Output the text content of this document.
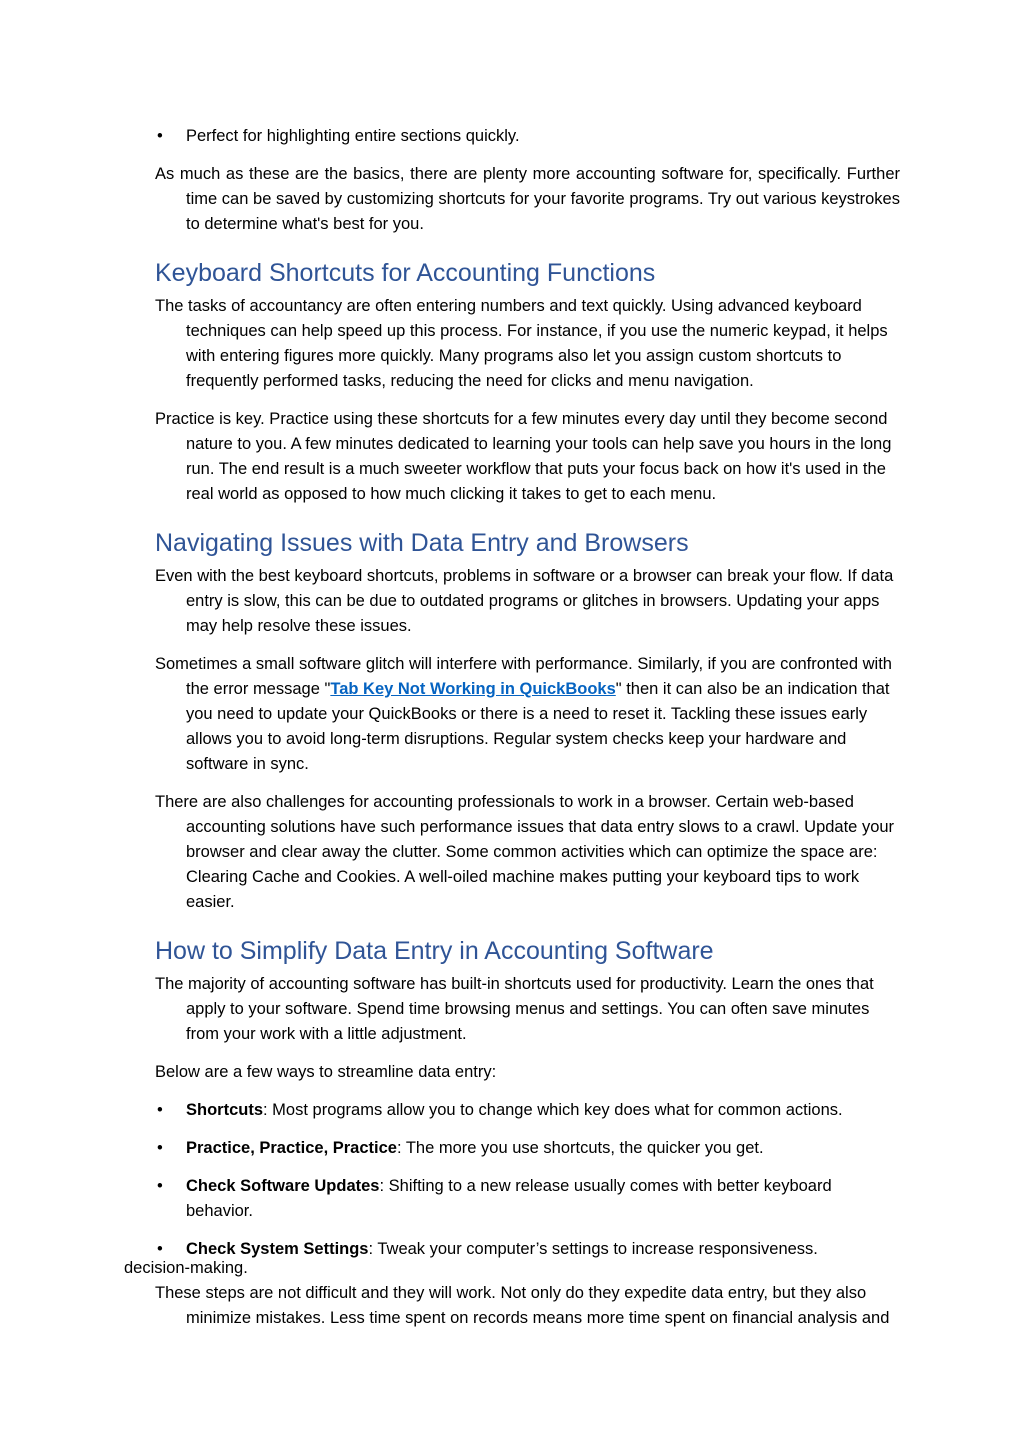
•	Perfect for highlighting entire sections quickly.

As much as these are the basics, there are plenty more accounting software for, specifically. Further time can be saved by customizing shortcuts for your favorite programs. Try out various keystrokes to determine what's best for you.

Keyboard Shortcuts for Accounting Functions

The tasks of accountancy are often entering numbers and text quickly. Using advanced keyboard techniques can help speed up this process. For instance, if you use the numeric keypad, it helps with entering figures more quickly. Many programs also let you assign custom shortcuts to frequently performed tasks, reducing the need for clicks and menu navigation.

Practice is key. Practice using these shortcuts for a few minutes every day until they become second nature to you. A few minutes dedicated to learning your tools can help save you hours in the long run. The end result is a much sweeter workflow that puts your focus back on how it's used in the real world as opposed to how much clicking it takes to get to each menu.

Navigating Issues with Data Entry and Browsers

Even with the best keyboard shortcuts, problems in software or a browser can break your flow. If data entry is slow, this can be due to outdated programs or glitches in browsers. Updating your apps may help resolve these issues.

Sometimes a small software glitch will interfere with performance. Similarly, if you are confronted with the error message "Tab Key Not Working in QuickBooks" then it can also be an indication that you need to update your QuickBooks or there is a need to reset it. Tackling these issues early allows you to avoid long-term disruptions. Regular system checks keep your hardware and software in sync.

There are also challenges for accounting professionals to work in a browser. Certain web-based accounting solutions have such performance issues that data entry slows to a crawl. Update your browser and clear away the clutter. Some common activities which can optimize the space are: Clearing Cache and Cookies. A well-oiled machine makes putting your keyboard tips to work easier.

How to Simplify Data Entry in Accounting Software

The majority of accounting software has built-in shortcuts used for productivity. Learn the ones that apply to your software. Spend time browsing menus and settings. You can often save minutes from your work with a little adjustment.

Below are a few ways to streamline data entry:

•	Shortcuts: Most programs allow you to change which key does what for common actions.
•	Practice, Practice, Practice: The more you use shortcuts, the quicker you get.
•	Check Software Updates: Shifting to a new release usually comes with better keyboard behavior.
•	Check System Settings: Tweak your computer’s settings to increase responsiveness.
decision-making.

These steps are not difficult and they will work. Not only do they expedite data entry, but they also minimize mistakes. Less time spent on records means more time spent on financial analysis and
